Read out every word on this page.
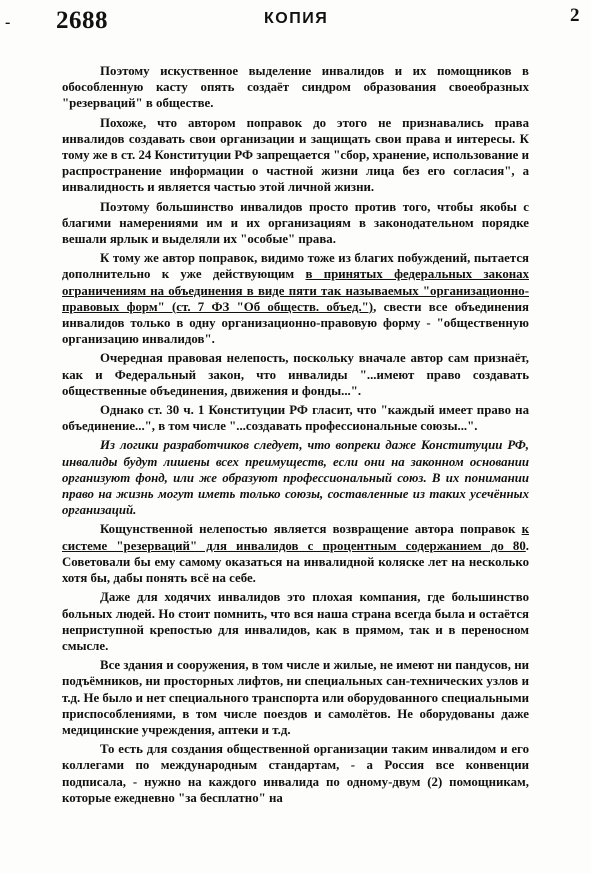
- 2688	КОПИЯ	2

Поэтому искуственное выделение инвалидов и их помощников в обособленную касту опять создаёт синдром образования своеобразных "резерваций" в обществе.

Похоже, что автором поправок до этого не признавались права инвалидов создавать свои организации и защищать свои права и интересы. К тому же в ст. 24 Конституции РФ запрещается "сбор, хранение, использование и распространение информации о частной жизни лица без его согласия", а инвалидность и является частью этой личной жизни.

Поэтому большинство инвалидов просто против того, чтобы якобы с благими намерениями им и их организациям в законодательном порядке вешали ярлык и выделяли их "особые" права.

К тому же автор поправок, видимо тоже из благих побуждений, пытается дополнительно к уже действующим в принятых федеральных законах ограничениям на объединения в виде пяти так называемых "организационно-правовых форм" (ст. 7 ФЗ "Об обществ. объед."), свести все объединения инвалидов только в одну организационно-правовую форму - "общественную организацию инвалидов".

Очередная правовая нелепость, поскольку вначале автор сам признаёт, как и Федеральный закон, что инвалиды "...имеют право создавать общественные объединения, движения и фонды...".

Однако ст. 30 ч. 1 Конституции РФ гласит, что "каждый имеет право на объединение...", в том числе "...создавать профессиональные союзы...".

Из логики разработчиков следует, что вопреки даже Конституции РФ, инвалиды будут лишены всех преимуществ, если они на законном основании организуют фонд, или же образуют профессиональный союз. В их понимании право на жизнь могут иметь только союзы, составленные из таких усечённых организаций.

Кощунственной нелепостью является возвращение автора поправок к системе "резерваций" для инвалидов с процентным содержанием до 80. Советовали бы ему самому оказаться на инвалидной коляске лет на несколько хотя бы, дабы понять всё на себе.

Даже для ходячих инвалидов это плохая компания, где большинство больных людей. Но стоит помнить, что вся наша страна всегда была и остаётся неприступной крепостью для инвалидов, как в прямом, так и в переносном смысле.

Все здания и сооружения, в том числе и жилые, не имеют ни пандусов, ни подъёмников, ни просторных лифтов, ни специальных сан-технических узлов и т.д. Не было и нет специального транспорта или оборудованного специальными приспособлениями, в том числе поездов и самолётов. Не оборудованы даже медицинские учреждения, аптеки и т.д.

То есть для создания общественной организации таким инвалидом и его коллегами по международным стандартам, - а Россия все конвенции подписала, - нужно на каждого инвалида по одному-двум (2) помощникам, которые ежедневно "за бесплатно" на
